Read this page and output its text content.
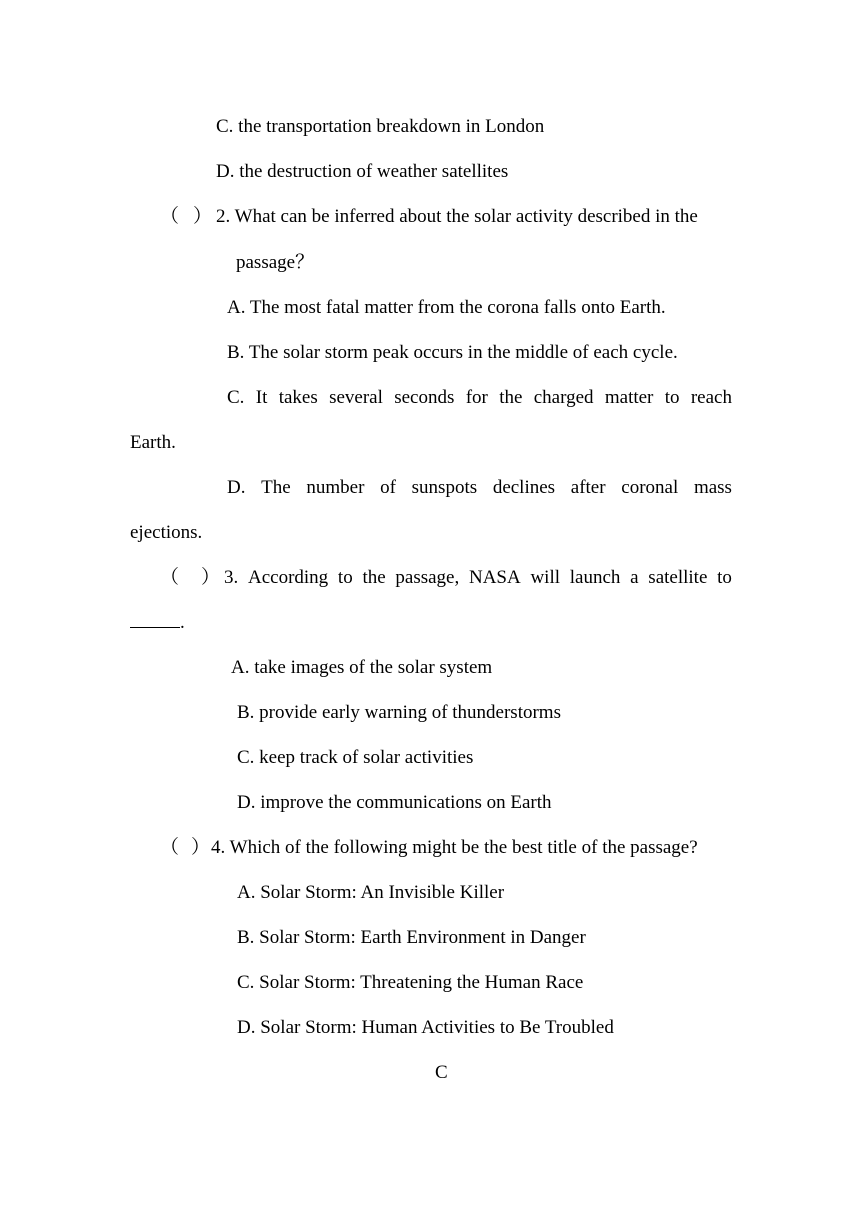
C. the transportation breakdown in London
D. the destruction of weather satellites
（ ） 2. What can be inferred about the solar activity described in the
passage？
A. The most fatal matter from the corona falls onto Earth.
B. The solar storm peak occurs in the middle of each cycle.
C. It takes several seconds for the charged matter to reach
Earth.
D. The number of sunspots declines after coronal mass
ejections.
（ ） 3. According to the passage, NASA will launch a satellite to
.
A. take images of the solar system
B. provide early warning of thunderstorms
C. keep track of solar activities
D. improve the communications on Earth
（ ） 4. Which of the following might be the best title of the passage?
A. Solar Storm: An Invisible Killer
B. Solar Storm: Earth Environment in Danger
C. Solar Storm: Threatening the Human Race
D. Solar Storm: Human Activities to Be Troubled
C
